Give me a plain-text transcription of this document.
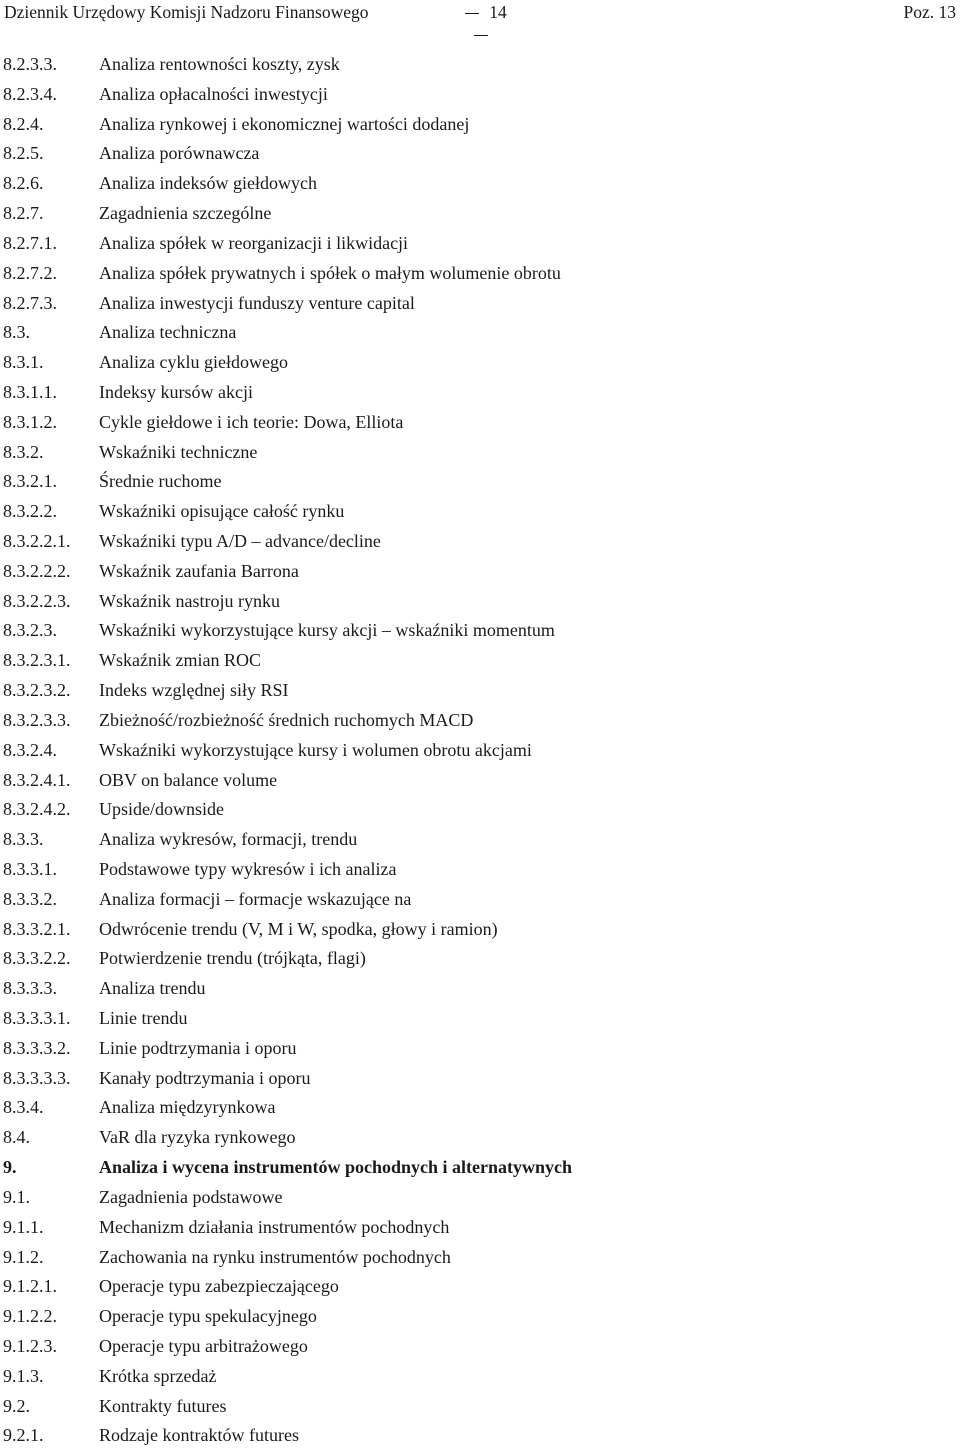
Dziennik Urzędowy Komisji Nadzoru Finansowego	14	Poz. 13
8.2.3.3. Analiza rentowności koszty, zysk
8.2.3.4. Analiza opłacalności inwestycji
8.2.4.	Analiza rynkowej i ekonomicznej wartości dodanej
8.2.5.	Analiza porównawcza
8.2.6.	Analiza indeksów giełdowych
8.2.7.	Zagadnienia szczególne
8.2.7.1. Analiza spółek w reorganizacji i likwidacji
8.2.7.2. Analiza spółek prywatnych i spółek o małym wolumenie obrotu
8.2.7.3. Analiza inwestycji funduszy venture capital
8.3.	Analiza techniczna
8.3.1.	Analiza cyklu giełdowego
8.3.1.1. Indeksy kursów akcji
8.3.1.2. Cykle giełdowe i ich teorie: Dowa, Elliota
8.3.2.	Wskaźniki techniczne
8.3.2.1. Średnie ruchome
8.3.2.2. Wskaźniki opisujące całość rynku
8.3.2.2.1. Wskaźniki typu A/D – advance/decline
8.3.2.2.2. Wskaźnik zaufania Barrona
8.3.2.2.3. Wskaźnik nastroju rynku
8.3.2.3. Wskaźniki wykorzystujące kursy akcji – wskaźniki momentum
8.3.2.3.1. Wskaźnik zmian ROC
8.3.2.3.2. Indeks względnej siły RSI
8.3.2.3.3. Zbieżność/rozbieżność średnich ruchomych MACD
8.3.2.4. Wskaźniki wykorzystujące kursy i wolumen obrotu akcjami
8.3.2.4.1. OBV on balance volume
8.3.2.4.2. Upside/downside
8.3.3.	Analiza wykresów, formacji, trendu
8.3.3.1. Podstawowe typy wykresów i ich analiza
8.3.3.2. Analiza formacji – formacje wskazujące na
8.3.3.2.1. Odwrócenie trendu (V, M i W, spodka, głowy i ramion)
8.3.3.2.2. Potwierdzenie trendu (trójkąta, flagi)
8.3.3.3. Analiza trendu
8.3.3.3.1. Linie trendu
8.3.3.3.2. Linie podtrzymania i oporu
8.3.3.3.3. Kanały podtrzymania i oporu
8.3.4.	Analiza międzyrynkowa
8.4.	VaR dla ryzyka rynkowego
9.	Analiza i wycena instrumentów pochodnych i alternatywnych
9.1.	Zagadnienia podstawowe
9.1.1.	Mechanizm działania instrumentów pochodnych
9.1.2.	Zachowania na rynku instrumentów pochodnych
9.1.2.1. Operacje typu zabezpieczającego
9.1.2.2. Operacje typu spekulacyjnego
9.1.2.3. Operacje typu arbitrażowego
9.1.3.	Krótka sprzedaż
9.2.	Kontrakty futures
9.2.1.	Rodzaje kontraktów futures
